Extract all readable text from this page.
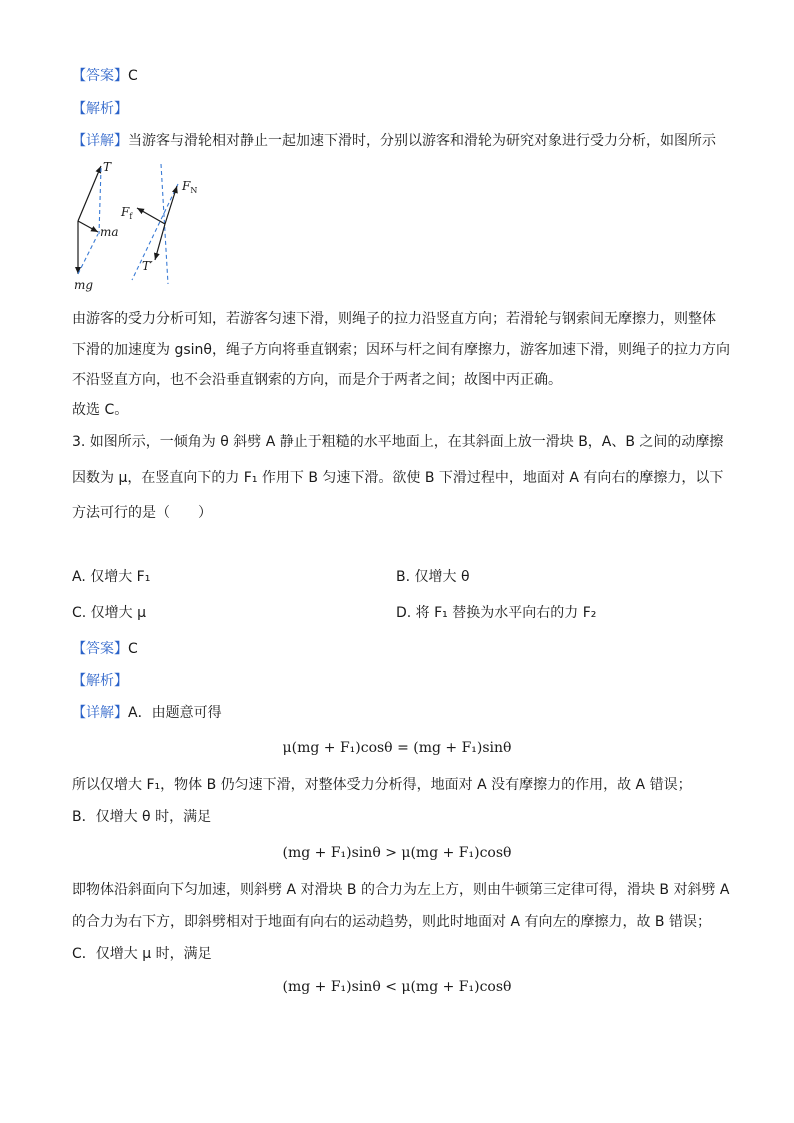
【答案】C
【解析】
【详解】当游客与滑轮相对静止一起加速下滑时，分别以游客和滑轮为研究对象进行受力分析，如图所示
T
ma
mg
$F_N$
$F_f$
T′
由游客的受力分析可知，若游客匀速下滑，则绳子的拉力沿竖直方向；若滑轮与钢索间无摩擦力，则整体
下滑的加速度为 gsinθ，绳子方向将垂直钢索；因环与杆之间有摩擦力，游客加速下滑，则绳子的拉力方向
不沿竖直方向，也不会沿垂直钢索的方向，而是介于两者之间；故图中丙正确。
故选 C。
3. 如图所示，一倾角为 θ 斜劈 A 静止于粗糙的水平地面上，在其斜面上放一滑块 B，A、B 之间的动摩擦
因数为 μ，在竖直向下的力 F₁ 作用下 B 匀速下滑。欲使 B 下滑过程中，地面对 A 有向右的摩擦力，以下
方法可行的是（　　）
A. 仅增大 F₁	B. 仅增大 θ
C. 仅增大 μ	D. 将 F₁ 替换为水平向右的力 F₂
【答案】C
【解析】
【详解】A．由题意可得
μ(mg + F₁)cosθ = (mg + F₁)sinθ
所以仅增大 F₁，物体 B 仍匀速下滑，对整体受力分析得，地面对 A 没有摩擦力的作用，故 A 错误；
B．仅增大 θ 时，满足
(mg + F₁)sinθ > μ(mg + F₁)cosθ
即物体沿斜面向下匀加速，则斜劈 A 对滑块 B 的合力为左上方，则由牛顿第三定律可得，滑块 B 对斜劈 A
的合力为右下方，即斜劈相对于地面有向右的运动趋势，则此时地面对 A 有向左的摩擦力，故 B 错误；
C．仅增大 μ 时，满足
(mg + F₁)sinθ < μ(mg + F₁)cosθ
